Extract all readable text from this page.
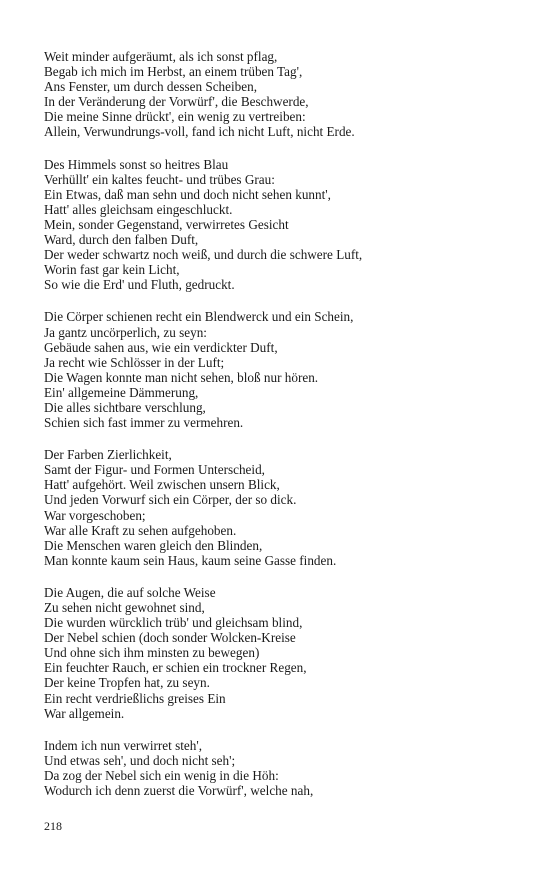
Weit minder aufgeräumt, als ich sonst pflag,
Begab ich mich im Herbst, an einem trüben Tag',
Ans Fenster, um durch dessen Scheiben,
In der Veränderung der Vorwürf', die Beschwerde,
Die meine Sinne drückt', ein wenig zu vertreiben:
Allein, Verwundrungs-voll, fand ich nicht Luft, nicht Erde.
Des Himmels sonst so heitres Blau
Verhüllt' ein kaltes feucht- und trübes Grau:
Ein Etwas, daß man sehn und doch nicht sehen kunnt',
Hatt' alles gleichsam eingeschluckt.
Mein, sonder Gegenstand, verwirretes Gesicht
Ward, durch den falben Duft,
Der weder schwartz noch weiß, und durch die schwere Luft,
Worin fast gar kein Licht,
So wie die Erd' und Fluth, gedruckt.
Die Cörper schienen recht ein Blendwerck und ein Schein,
Ja gantz uncörperlich, zu seyn:
Gebäude sahen aus, wie ein verdickter Duft,
Ja recht wie Schlösser in der Luft;
Die Wagen konnte man nicht sehen, bloß nur hören.
Ein' allgemeine Dämmerung,
Die alles sichtbare verschlung,
Schien sich fast immer zu vermehren.
Der Farben Zierlichkeit,
Samt der Figur- und Formen Unterscheid,
Hatt' aufgehört. Weil zwischen unsern Blick,
Und jeden Vorwurf sich ein Cörper, der so dick.
War vorgeschoben;
War alle Kraft zu sehen aufgehoben.
Die Menschen waren gleich den Blinden,
Man konnte kaum sein Haus, kaum seine Gasse finden.
Die Augen, die auf solche Weise
Zu sehen nicht gewohnet sind,
Die wurden würcklich trüb' und gleichsam blind,
Der Nebel schien (doch sonder Wolcken-Kreise
Und ohne sich ihm minsten zu bewegen)
Ein feuchter Rauch, er schien ein trockner Regen,
Der keine Tropfen hat, zu seyn.
Ein recht verdrießlichs greises Ein
War allgemein.
Indem ich nun verwirret steh',
Und etwas seh', und doch nicht seh';
Da zog der Nebel sich ein wenig in die Höh:
Wodurch ich denn zuerst die Vorwürf', welche nah,
218
